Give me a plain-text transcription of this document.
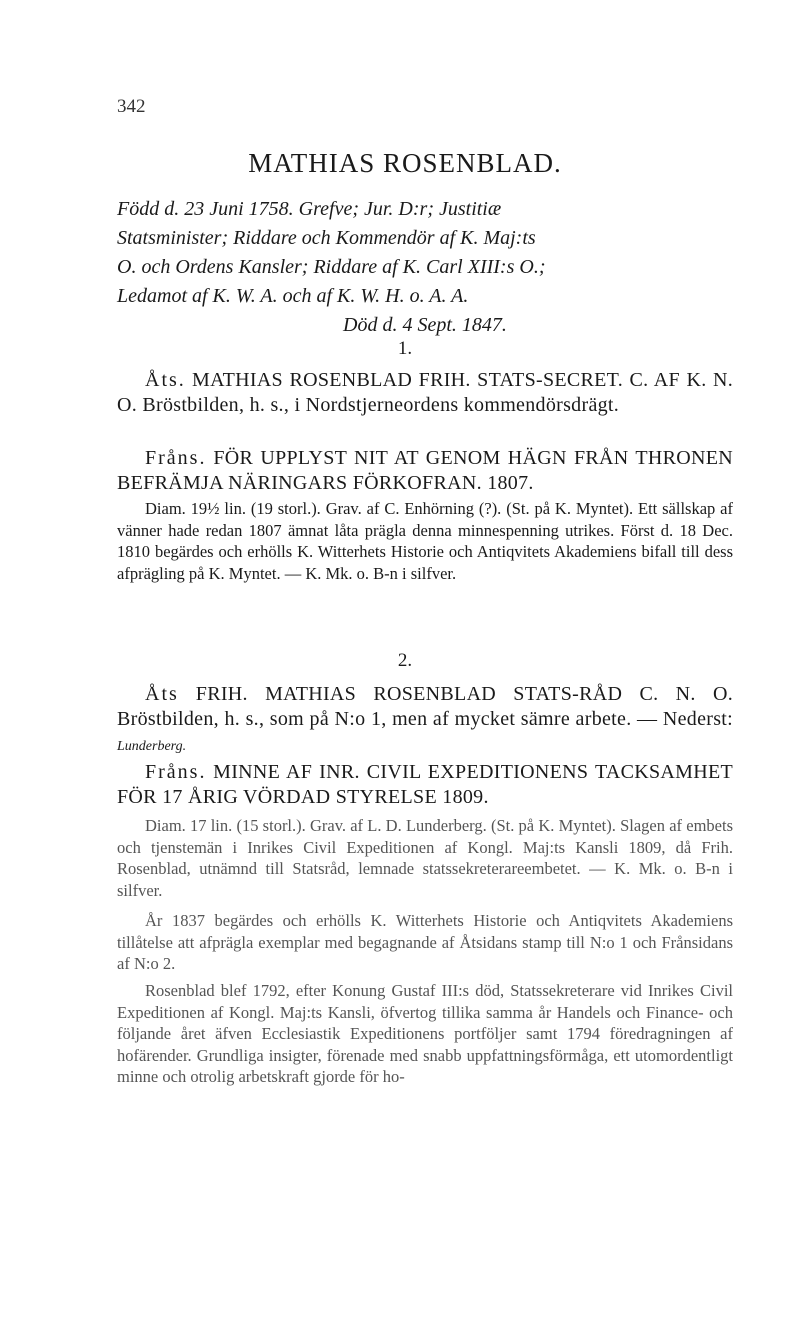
342
MATHIAS ROSENBLAD.
Född d. 23 Juni 1758. Grefve; Jur. D:r; Justitiæ
Statsminister; Riddare och Kommendör af K. Maj:ts
O. och Ordens Kansler; Riddare af K. Carl XIII:s O.;
Ledamot af K. W. A. och af K. W. H. o. A. A.
Död d. 4 Sept. 1847.
1.

Åts. MATHIAS ROSENBLAD FRIH. STATS-SECRET. C. AF K. N. O. Bröstbilden, h. s., i Nordstjerneordens kommendörsdrägt.

Fråns. FÖR UPPLYST NIT AT GENOM HÄGN FRÅN THRONEN BEFRÄMJA NÄRINGARS FÖRKOFRAN. 1807.

Diam. 19½ lin. (19 storl.). Grav. af C. Enhörning (?). (St. på K. Myntet). Ett sällskap af vänner hade redan 1807 ämnat låta prägla denna minnespenning utrikes. Först d. 18 Dec. 1810 begärdes och erhölls K. Witterhets Historie och Antiqvitets Akademiens bifall till dess afprägling på K. Myntet. — K. Mk. o. B-n i silfver.

2.

Åts FRIH. MATHIAS ROSENBLAD STATS-RÅD C. N. O. Bröstbilden, h. s., som på N:o 1, men af mycket sämre arbete. — Nederst: Lunderberg.

Fråns. MINNE AF INR. CIVIL EXPEDITIONENS TACKSAMHET FÖR 17 ÅRIG VÖRDAD STYRELSE 1809.

Diam. 17 lin. (15 storl.). Grav. af L. D. Lunderberg. (St. på K. Myntet). Slagen af embets och tjenstemän i Inrikes Civil Expeditionen af Kongl. Maj:ts Kansli 1809, då Frih. Rosenblad, utnämnd till Statsråd, lemnade statssekreterareembetet. — K. Mk. o. B-n i silfver.

År 1837 begärdes och erhölls K. Witterhets Historie och Antiqvitets Akademiens tillåtelse att afprägla exemplar med begagnande af Åtsidans stamp till N:o 1 och Frånsidans af N:o 2.

Rosenblad blef 1792, efter Konung Gustaf III:s död, Statssekreterare vid Inrikes Civil Expeditionen af Kongl. Maj:ts Kansli, öfvertog tillika samma år Handels och Finance- och följande året äfven Ecclesiastik Expeditionens portföljer samt 1794 föredragningen af hofärender. Grundliga insigter, förenade med snabb uppfattningsförmåga, ett utomordentligt minne och otrolig arbetskraft gjorde för ho-
